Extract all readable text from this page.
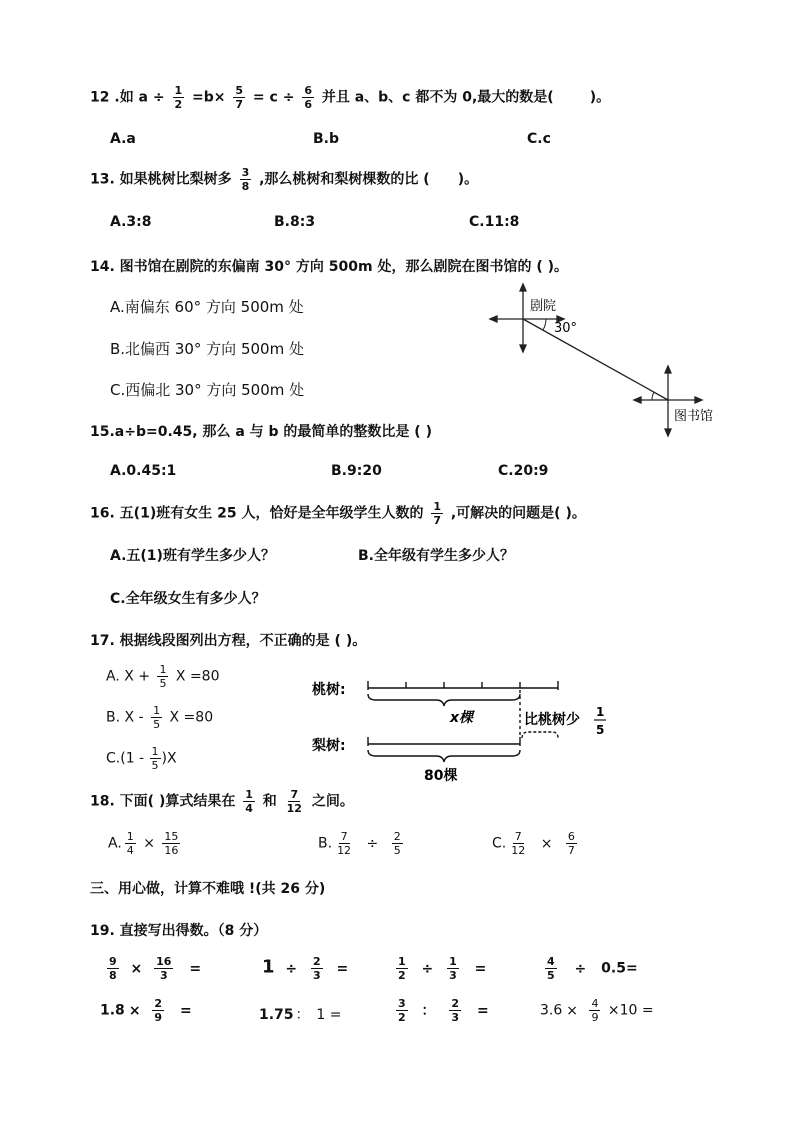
12 .如 $a \div \frac{1}{2} =b\times \frac{5}{7} = c \div \frac{6}{6}$ 并且 a、b、c 都不为 0,最大的数是(	)。
A.a	B.b	C.c
13. 如果桃树比梨树多 $\frac{3}{8}$ ,那么桃树和梨树棵数的比 ( )。
A.3:8	B.8:3	C.11:8
14. 图书馆在剧院的东偏南 30° 方向 500m 处，那么剧院在图书馆的 ( )。
A.南偏东 60° 方向 500m 处
B.北偏西 30° 方向 500m 处
C.西偏北 30° 方向 500m 处
剧院
30°
图书馆
15.a÷b=0.45, 那么 a 与 b 的最简单的整数比是 ( )
A.0.45:1	B.9:20	C.20:9
16. 五(1)班有女生 25 人，恰好是全年级学生人数的 $\frac{1}{7}$ ,可解决的问题是( )。
A.五(1)班有学生多少人？	B.全年级有学生多少人？
C.全年级女生有多少人？
17. 根据线段图列出方程，不正确的是 ( )。
A. $X + \frac{1}{5}$ X =80
B. X - $\frac{1}{5}$ X =80
$C.(1 - \frac{1}{5} )X$
桃树:
梨树:
x棵	比桃树少 1
5
80棵
18. 下面( )算式结果在 $\frac{1}{4}$ 和 $\frac{7}{12}$ 之间。
A. $\frac{1}{4} \times \frac{15}{16}$	B. $\frac{7}{12} \div \frac{2}{5}$	C. $\frac{7}{12} \times \frac{6}{7}$
三、用心做，计算不难哦 !(共 26 分)
19. 直接写出得数。（8 分）
$\frac{9}{8} \times \frac{16}{3}$ =	$1 \div \frac{2}{3}$ =	$\frac{1}{2} \div \frac{1}{3}$ =	$\frac{4}{5} \div 0.5=$
$1.8 \times \frac{2}{9}$ =	1.75 ： 1 =	$\frac{3}{2}$ ： $\frac{2}{3}$ =	$3.6 \times \frac{4}{9} \times 10$ =
